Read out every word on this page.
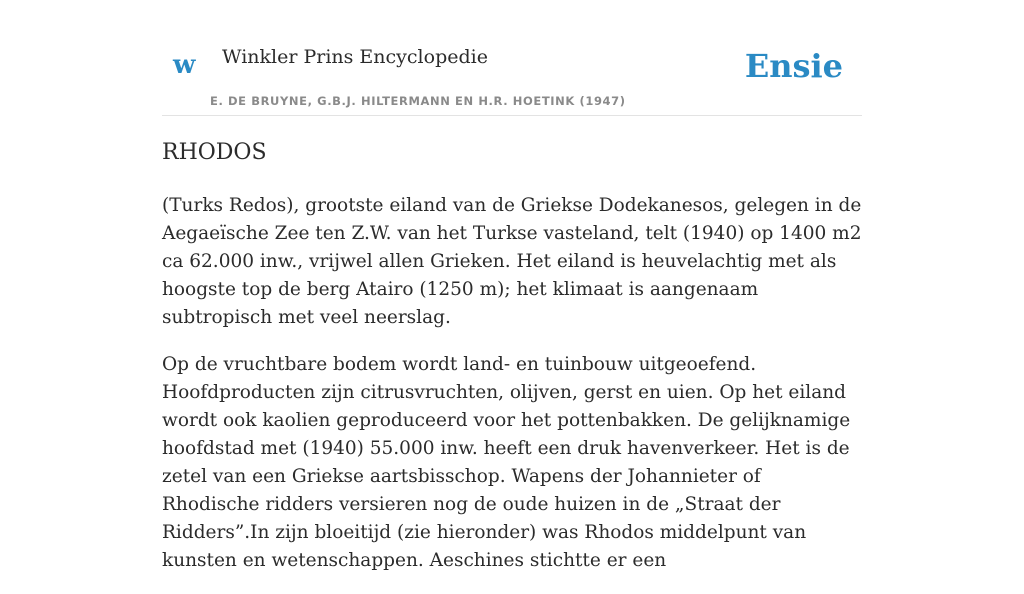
w Winkler Prins Encyclopedie
E. DE BRUYNE, G.B.J. HILTERMANN EN H.R. HOETINK (1947)
Ensie
RHODOS

(Turks Redos), grootste eiland van de Griekse Dodekanesos, gelegen in de Aegaeïsche Zee ten Z.W. van het Turkse vasteland, telt (1940) op 1400 m2 ca 62.000 inw., vrijwel allen Grieken. Het eiland is heuvelachtig met als hoogste top de berg Atairo (1250 m); het klimaat is aangenaam subtropisch met veel neerslag.

Op de vruchtbare bodem wordt land- en tuinbouw uitgeoefend. Hoofdproducten zijn citrusvruchten, olijven, gerst en uien. Op het eiland wordt ook kaolien geproduceerd voor het pottenbakken. De gelijknamige hoofdstad met (1940) 55.000 inw. heeft een druk havenverkeer. Het is de zetel van een Griekse aartsbisschop. Wapens der Johannieter of Rhodische ridders versieren nog de oude huizen in de „Straat der Ridders”.In zijn bloeitijd (zie hieronder) was Rhodos middelpunt van kunsten en wetenschappen. Aeschines stichtte er een
